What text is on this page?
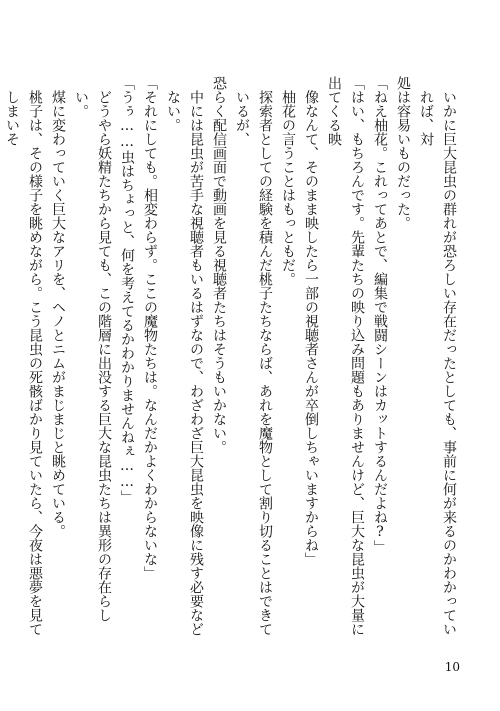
いかに巨大昆虫の群れが恐ろしい存在だったとしても、事前に何が来るのかわかっていれば、対
処は容易いものだった。
「ねえ柚花。これってあとで、編集で戦闘シーンはカットするんだよね?」
「はい、もちろんです。先輩たちの映り込み問題もありませんけど、巨大な昆虫が大量に出てくる映
像なんて、そのまま映したら一部の視聴者さんが卒倒しちゃいますからね」
柚花の言うことはもっともだ。
探索者としての経験を積んだ桃子たちならば、あれを魔物として割り切ることはできているが、
恐らく配信画面で動画を見る視聴者たちはそうもいかない。
中には昆虫が苦手な視聴者もいるはずなので、わざわざ巨大昆虫を映像に残す必要などない。
「それにしても。相変わらず。ここの魔物たちは。なんだかよくわからないな」
「うぅ……虫はちょっと、何を考えてるかわかりませんねぇ……」
どうやら妖精たちから見ても、この階層に出没する巨大な昆虫たちは異形の存在らしい。
煤に変わっていく巨大なアリを、ヘノとニムがまじまじと眺めている。
桃子は、その様子を眺めながら。こう昆虫の死骸ばかり見ていたら、今夜は悪夢を見てしまいそ
10
